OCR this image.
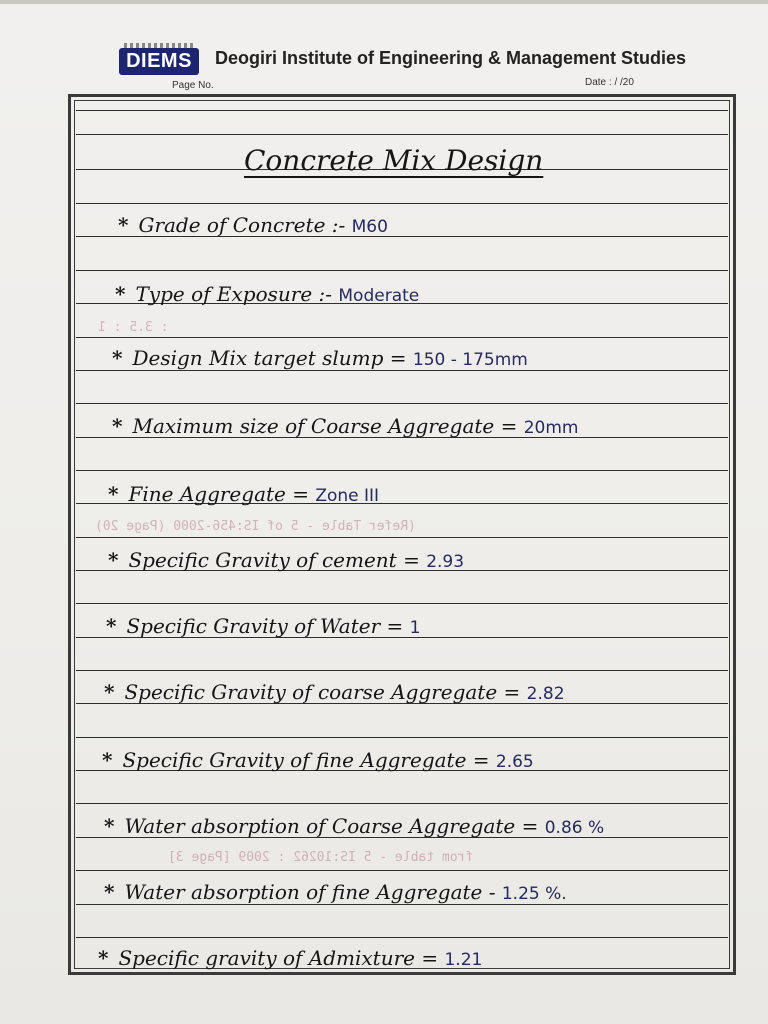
DIEMS	Deogiri Institute of Engineering & Management Studies
Page No.	Date : / /20
: 3.5 : 1
(Refer Table - 5 of IS:456-2000 (Page 20)
from table - 5 IS:10262 : 2009 [Page 3]
Concrete Mix Design
* Grade of Concrete :- M60
* Type of Exposure :- Moderate
* Design Mix target slump = 150 - 175mm
* Maximum size of Coarse Aggregate = 20mm
* Fine Aggregate = Zone III
* Specific Gravity of cement = 2.93
* Specific Gravity of Water = 1
* Specific Gravity of coarse Aggregate = 2.82
* Specific Gravity of fine Aggregate = 2.65
* Water absorption of Coarse Aggregate = 0.86 %
* Water absorption of fine Aggregate - 1.25 %.
* Specific gravity of Admixture = 1.21
